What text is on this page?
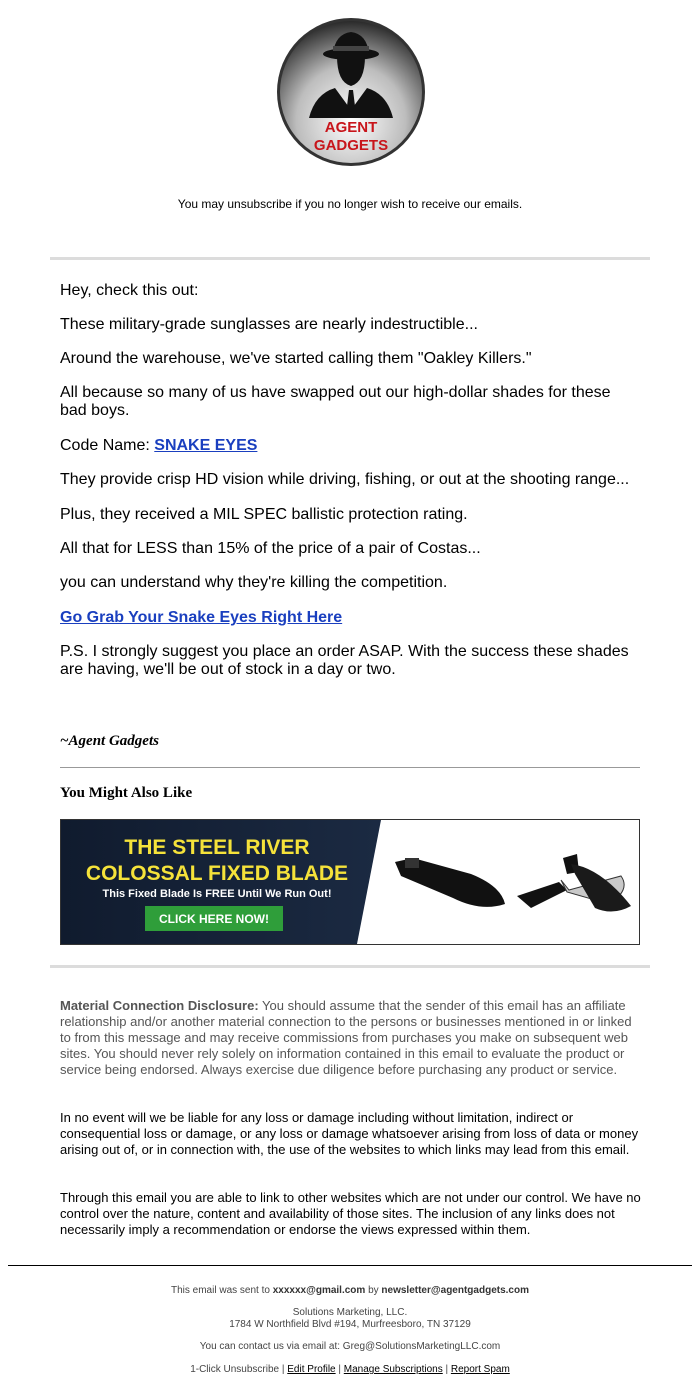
AGENT
GADGETS
You may unsubscribe if you no longer wish to receive our emails.
Hey, check this out:
These military-grade sunglasses are nearly indestructible...
Around the warehouse, we've started calling them "Oakley Killers."
All because so many of us have swapped out our high-dollar shades for these bad boys.
Code Name: SNAKE EYES
They provide crisp HD vision while driving, fishing, or out at the shooting range...
Plus, they received a MIL SPEC ballistic protection rating.
All that for LESS than 15% of the price of a pair of Costas...
you can understand why they're killing the competition.
Go Grab Your Snake Eyes Right Here
P.S. I strongly suggest you place an order ASAP. With the success these shades are having, we'll be out of stock in a day or two.
~Agent Gadgets
You Might Also Like
THE STEEL RIVER
COLOSSAL FIXED BLADE
This Fixed Blade Is FREE Until We Run Out!
CLICK HERE NOW!
Material Connection Disclosure: You should assume that the sender of this email has an affiliate relationship and/or another material connection to the persons or businesses mentioned in or linked to from this message and may receive commissions from purchases you make on subsequent web sites. You should never rely solely on information contained in this email to evaluate the product or service being endorsed. Always exercise due diligence before purchasing any product or service.
In no event will we be liable for any loss or damage including without limitation, indirect or consequential loss or damage, or any loss or damage whatsoever arising from loss of data or money arising out of, or in connection with, the use of the websites to which links may lead from this email.
Through this email you are able to link to other websites which are not under our control. We have no control over the nature, content and availability of those sites. The inclusion of any links does not necessarily imply a recommendation or endorse the views expressed within them.
This email was sent to xxxxxx@gmail.com by newsletter@agentgadgets.com
Solutions Marketing, LLC.
1784 W Northfield Blvd #194, Murfreesboro, TN 37129
You can contact us via email at: Greg@SolutionsMarketingLLC.com
1-Click Unsubscribe | Edit Profile | Manage Subscriptions | Report Spam
